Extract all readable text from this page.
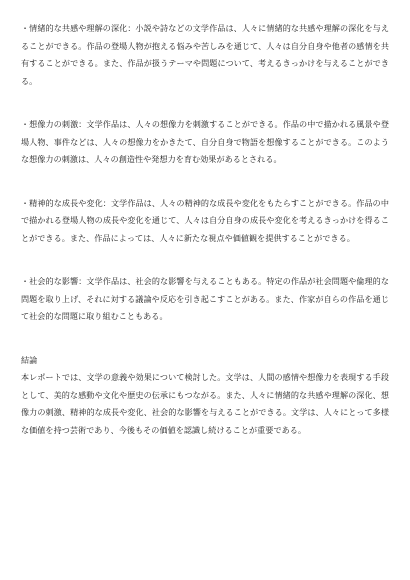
・情緒的な共感や理解の深化：小説や詩などの文学作品は、人々に情緒的な共感や理解の深化を与えることができる。作品の登場人物が抱える悩みや苦しみを通じて、人々は自分自身や他者の感情を共有することができる。また、作品が扱うテーマや問題について、考えるきっかけを与えることができる。

・想像力の刺激：文学作品は、人々の想像力を刺激することができる。作品の中で描かれる風景や登場人物、事件などは、人々の想像力をかきたて、自分自身で物語を想像することができる。このような想像力の刺激は、人々の創造性や発想力を育む効果があるとされる。

・精神的な成長や変化：文学作品は、人々の精神的な成長や変化をもたらすことができる。作品の中で描かれる登場人物の成長や変化を通じて、人々は自分自身の成長や変化を考えるきっかけを得ることができる。また、作品によっては、人々に新たな視点や価値観を提供することができる。

・社会的な影響：文学作品は、社会的な影響を与えることもある。特定の作品が社会問題や倫理的な問題を取り上げ、それに対する議論や反応を引き起こすことがある。また、作家が自らの作品を通じて社会的な問題に取り組むこともある。

結論

本レポートでは、文学の意義や効果について検討した。文学は、人間の感情や想像力を表現する手段として、美的な感動や文化や歴史の伝承にもつながる。また、人々に情緒的な共感や理解の深化、想像力の刺激、精神的な成長や変化、社会的な影響を与えることができる。文学は、人々にとって多様な価値を持つ芸術であり、今後もその価値を認識し続けることが重要である。
